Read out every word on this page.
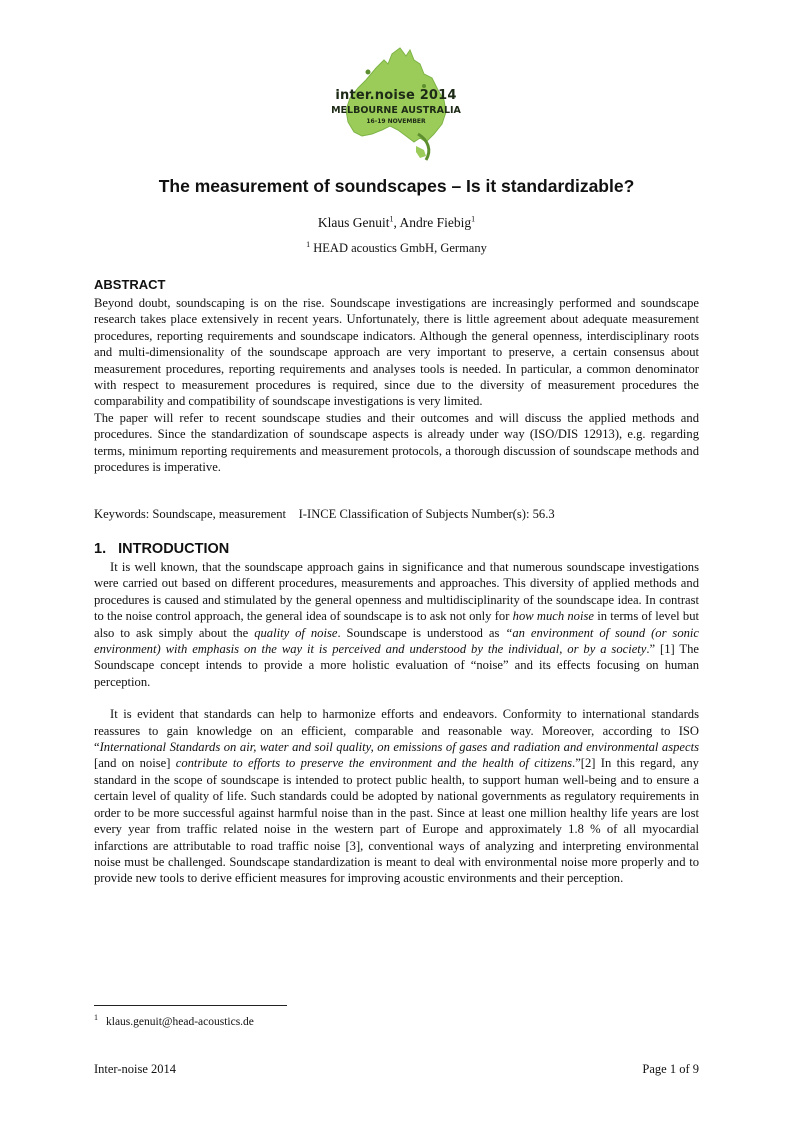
inter.noise 2014
MELBOURNE AUSTRALIA
16-19 NOVEMBER
The measurement of soundscapes – Is it standardizable?
Klaus Genuit$^1$, Andre Fiebig$^1$
$^1$ HEAD acoustics GmbH, Germany
ABSTRACT

Beyond doubt, soundscaping is on the rise. Soundscape investigations are increasingly performed and soundscape research takes place extensively in recent years. Unfortunately, there is little agreement about adequate measurement procedures, reporting requirements and soundscape indicators. Although the general openness, interdisciplinary roots and multi-dimensionality of the soundscape approach are very important to preserve, a certain consensus about measurement procedures, reporting requirements and analyses tools is needed. In particular, a common denominator with respect to measurement procedures is required, since due to the diversity of measurement procedures the comparability and compatibility of soundscape investigations is very limited.

The paper will refer to recent soundscape studies and their outcomes and will discuss the applied methods and procedures. Since the standardization of soundscape aspects is already under way (ISO/DIS 12913), e.g. regarding terms, minimum reporting requirements and measurement protocols, a thorough discussion of soundscape methods and procedures is imperative.

Keywords: Soundscape, measurement I-INCE Classification of Subjects Number(s): 56.3
1. INTRODUCTION

It is well known, that the soundscape approach gains in significance and that numerous soundscape investigations were carried out based on different procedures, measurements and approaches. This diversity of applied methods and procedures is caused and stimulated by the general openness and multidisciplinarity of the soundscape idea. In contrast to the noise control approach, the general idea of soundscape is to ask not only for how much noise in terms of level but also to ask simply about the quality of noise. Soundscape is understood as “an environment of sound (or sonic environment) with emphasis on the way it is perceived and understood by the individual, or by a society.” [1] The Soundscape concept intends to provide a more holistic evaluation of “noise” and its effects focusing on human perception.

It is evident that standards can help to harmonize efforts and endeavors. Conformity to international standards reassures to gain knowledge on an efficient, comparable and reasonable way. Moreover, according to ISO “International Standards on air, water and soil quality, on emissions of gases and radiation and environmental aspects [and on noise] contribute to efforts to preserve the environment and the health of citizens.”[2] In this regard, any standard in the scope of soundscape is intended to protect public health, to support human well-being and to ensure a certain level of quality of life. Such standards could be adopted by national governments as regulatory requirements in order to be more successful against harmful noise than in the past. Since at least one million healthy life years are lost every year from traffic related noise in the western part of Europe and approximately 1.8 % of all myocardial infarctions are attributable to road traffic noise [3], conventional ways of analyzing and interpreting environmental noise must be challenged. Soundscape standardization is meant to deal with environmental noise more properly and to provide new tools to derive efficient measures for improving acoustic environments and their perception.

$^1$ klaus.genuit@head-acoustics.de
Inter-noise 2014	Page 1 of 9
